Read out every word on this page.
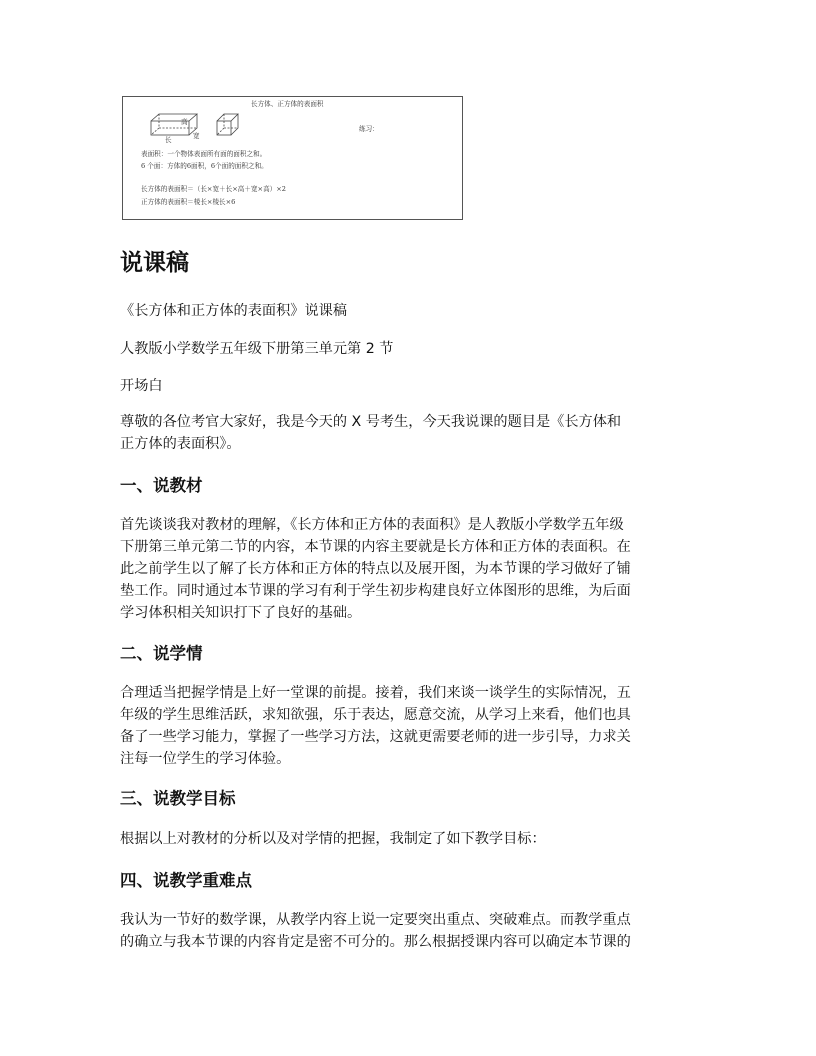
长方体、正方体的表面积
高
长	宽
练习：
表面积：一个物体表面所有面的面积之和。
6 个面：方体的6面积，6个面的面积之和。
长方体的表面积＝（长×宽＋长×高＋宽×高）×2
正方体的表面积＝棱长×棱长×6
说课稿

《长方体和正方体的表面积》说课稿

人教版小学数学五年级下册第三单元第 2 节

开场白

尊敬的各位考官大家好，我是今天的 X 号考生，今天我说课的题目是《长方体和

正方体的表面积》。

一、说教材

首先谈谈我对教材的理解，《长方体和正方体的表面积》是人教版小学数学五年级

下册第三单元第二节的内容，本节课的内容主要就是长方体和正方体的表面积。在

此之前学生以了解了长方体和正方体的特点以及展开图，为本节课的学习做好了铺

垫工作。同时通过本节课的学习有利于学生初步构建良好立体图形的思维，为后面

学习体积相关知识打下了良好的基础。

二、说学情

合理适当把握学情是上好一堂课的前提。接着，我们来谈一谈学生的实际情况，五

年级的学生思维活跃，求知欲强，乐于表达，愿意交流，从学习上来看，他们也具

备了一些学习能力，掌握了一些学习方法，这就更需要老师的进一步引导，力求关

注每一位学生的学习体验。

三、说教学目标

根据以上对教材的分析以及对学情的把握，我制定了如下教学目标：

四、说教学重难点

我认为一节好的数学课，从教学内容上说一定要突出重点、突破难点。而教学重点

的确立与我本节课的内容肯定是密不可分的。那么根据授课内容可以确定本节课的
